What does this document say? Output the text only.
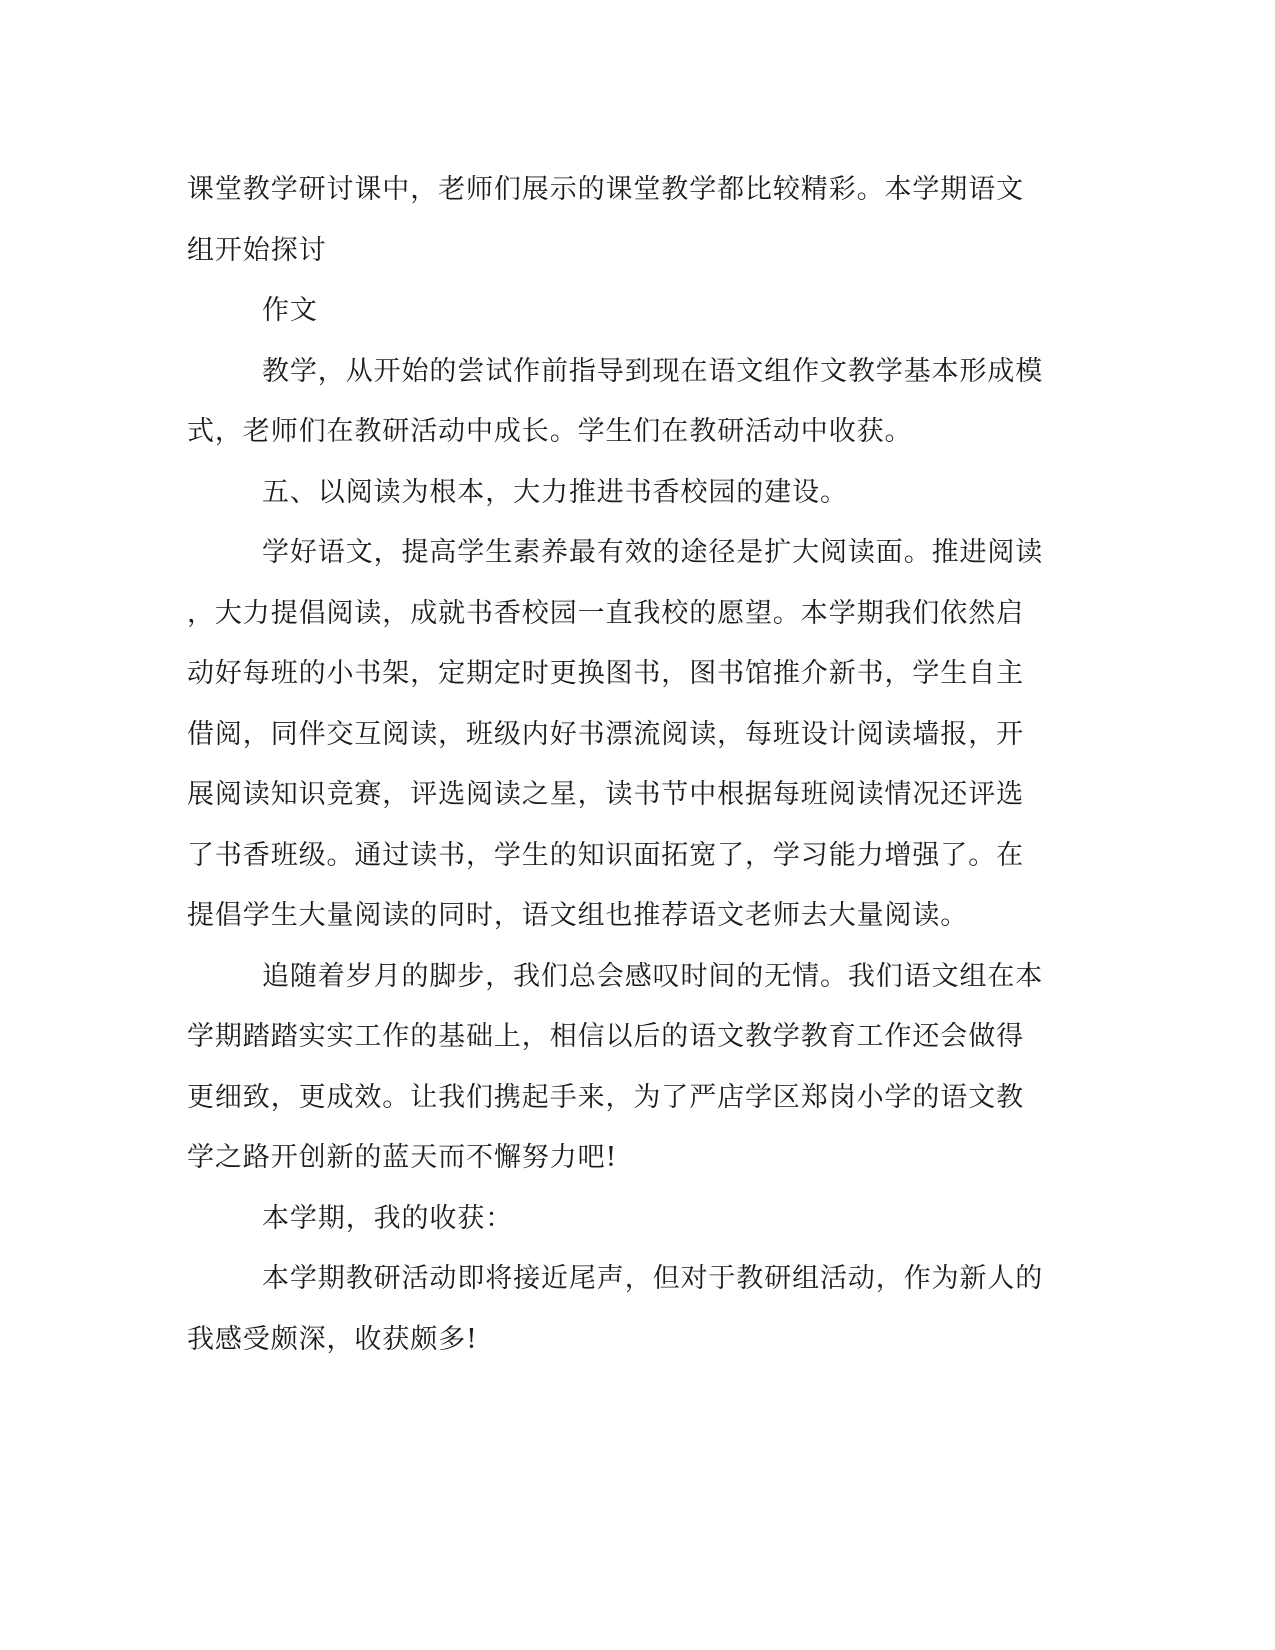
课堂教学研讨课中，老师们展示的课堂教学都比较精彩。本学期语文
组开始探讨
作文
教学，从开始的尝试作前指导到现在语文组作文教学基本形成模
式，老师们在教研活动中成长。学生们在教研活动中收获。
五、以阅读为根本，大力推进书香校园的建设。
学好语文，提高学生素养最有效的途径是扩大阅读面。推进阅读
，大力提倡阅读，成就书香校园一直我校的愿望。本学期我们依然启
动好每班的小书架，定期定时更换图书，图书馆推介新书，学生自主
借阅，同伴交互阅读，班级内好书漂流阅读，每班设计阅读墙报，开
展阅读知识竞赛，评选阅读之星，读书节中根据每班阅读情况还评选
了书香班级。通过读书，学生的知识面拓宽了，学习能力增强了。在
提倡学生大量阅读的同时，语文组也推荐语文老师去大量阅读。
追随着岁月的脚步，我们总会感叹时间的无情。我们语文组在本
学期踏踏实实工作的基础上，相信以后的语文教学教育工作还会做得
更细致，更成效。让我们携起手来，为了严店学区郑岗小学的语文教
学之路开创新的蓝天而不懈努力吧!
本学期，我的收获：
本学期教研活动即将接近尾声，但对于教研组活动，作为新人的
我感受颇深，收获颇多!
